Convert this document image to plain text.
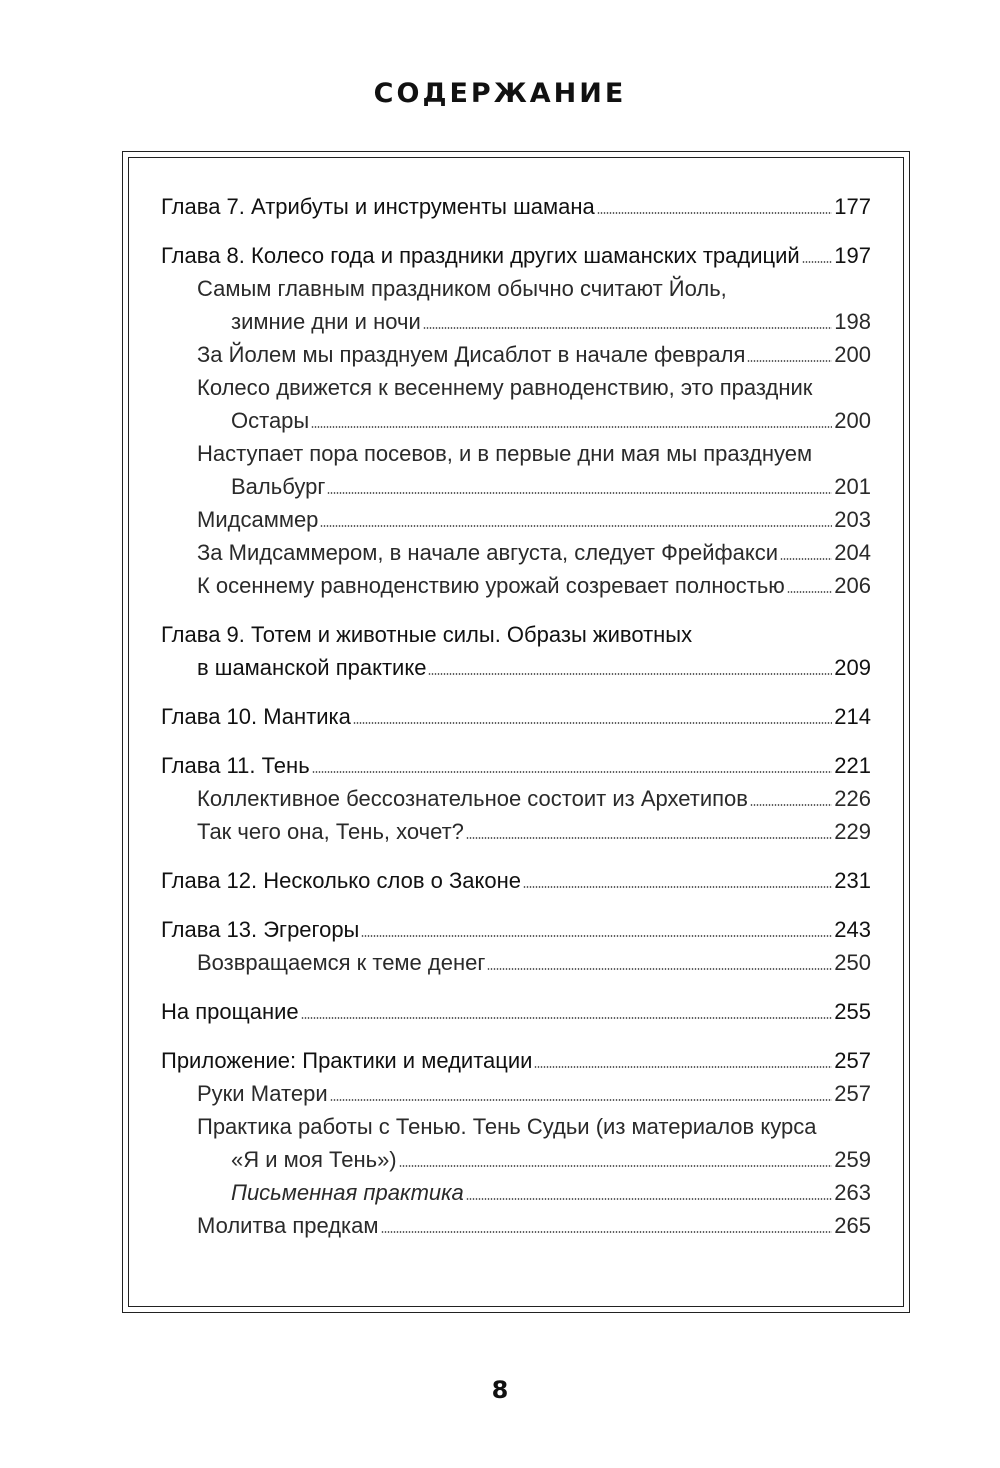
СОДЕРЖАНИЕ
Глава 7. Атрибуты и инструменты шамана	177
Глава 8. Колесо года и праздники других шаманских традиций 197
Самым главным праздником обычно считают Йоль,
зимние дни и ночи	198
За Йолем мы празднуем Дисаблот в начале февраля	200
Колесо движется к весеннему равноденствию, это праздник
Остары	200
Наступает пора посевов, и в первые дни мая мы празднуем
Вальбург	201
Мидсаммер	203
За Мидсаммером, в начале августа, следует Фрейфакси	204
К осеннему равноденствию урожай созревает полностью 206
Глава 9. Тотем и животные силы. Образы животных
в шаманской практике	209
Глава 10. Мантика	214
Глава 11. Тень	221
Коллективное бессознательное состоит из Архетипов	226
Так чего она, Тень, хочет?	229
Глава 12. Несколько слов о Законе	231
Глава 13. Эгрегоры	243
Возвращаемся к теме денег	250
На прощание	255
Приложение: Практики и медитации	257
Руки Матери	257
Практика работы с Тенью. Тень Судьи (из материалов курса
«Я и моя Тень»)	259
Письменная практика	263
Молитва предкам	265
8
